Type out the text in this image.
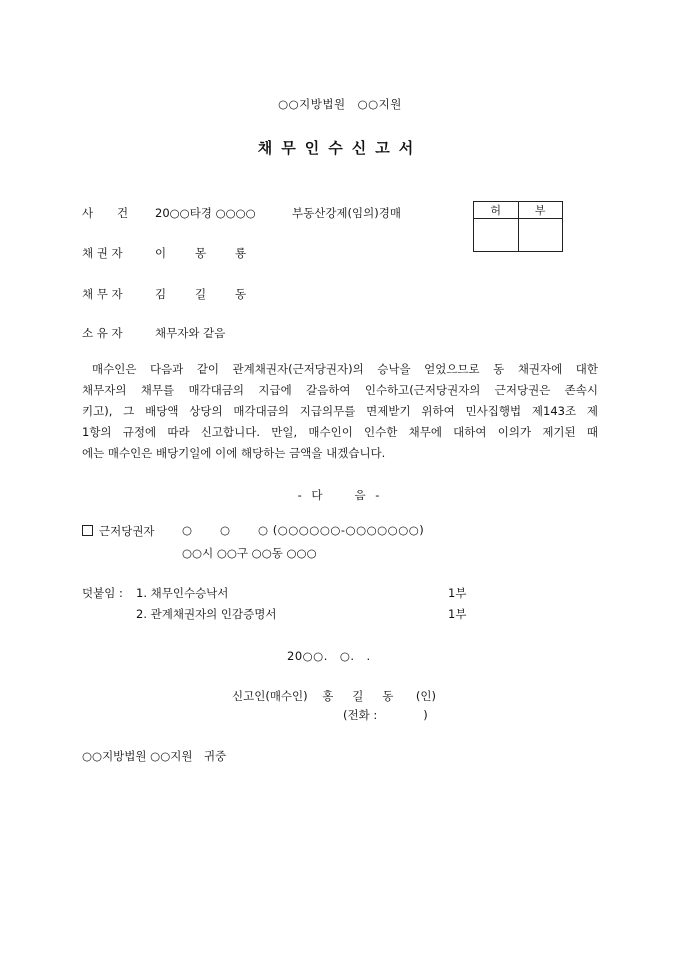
○○지방법원　○○지원
채무인수신고서
사 건 20○○타경 ○○○○	부동산강제(임의)경매	허	부

채 권 자	이	몽	룡
채 무 자	김	길	동
소 유 자	채무자와 같음
매수인은 다음과 같이 관계채권자(근저당권자)의 승낙을 얻었으므로 동 채권자에 대한
채무자의 채무를 매각대금의 지급에 갈음하여 인수하고(근저당권자의 근저당권은 존속시
키고), 그 배당액 상당의 매각대금의 지급의무를 면제받기 위하여 민사집행법 제143조 제
1항의 규정에 따라 신고합니다. 만일, 매수인이 인수한 채무에 대하여 이의가 제기된 때
에는 매수인은 배당기일에 이에 해당하는 금액을 내겠습니다.
- 다　　음 -
근저당권자 ○ ○	○ (○○○○○○-○○○○○○○)
○○시 ○○구 ○○동 ○○○
덧붙임 : 1. 채무인수승낙서	1부
2. 관계채권자의 인감증명서	1부
20○○.　○.　.
신고인(매수인) 홍 길 동 (인)
(전화 :　　　　)
○○지방법원 ○○지원　귀중
